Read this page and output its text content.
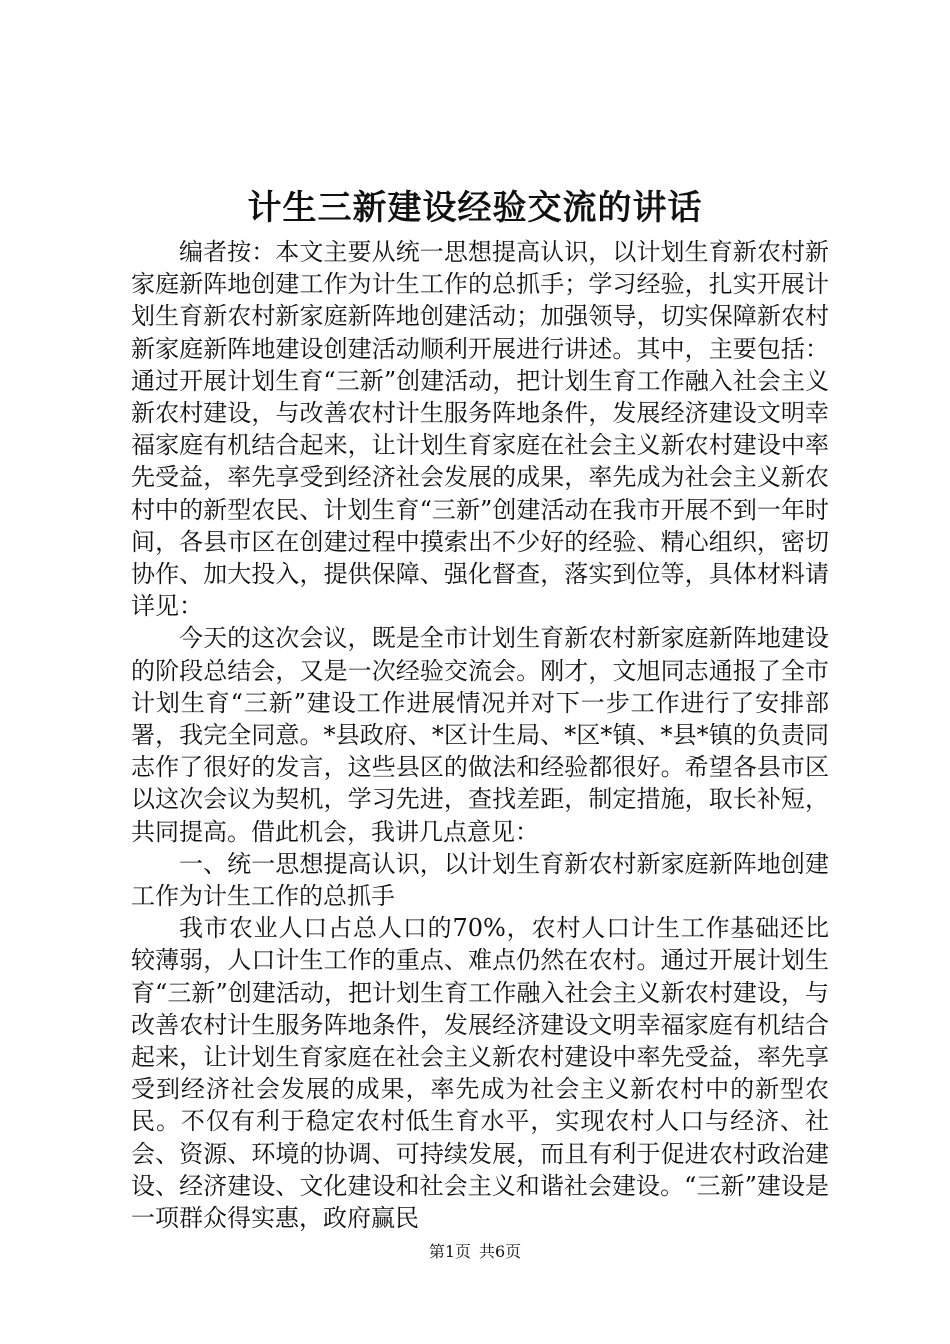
计生三新建设经验交流的讲话

编者按：本文主要从统一思想提高认识，以计划生育新农村新家庭新阵地创建工作为计生工作的总抓手；学习经验，扎实开展计划生育新农村新家庭新阵地创建活动；加强领导，切实保障新农村新家庭新阵地建设创建活动顺利开展进行讲述。其中，主要包括：通过开展计划生育“三新”创建活动，把计划生育工作融入社会主义新农村建设，与改善农村计生服务阵地条件，发展经济建设文明幸福家庭有机结合起来，让计划生育家庭在社会主义新农村建设中率先受益，率先享受到经济社会发展的成果，率先成为社会主义新农村中的新型农民、计划生育“三新”创建活动在我市开展不到一年时间，各县市区在创建过程中摸索出不少好的经验、精心组织，密切协作、加大投入，提供保障、强化督查，落实到位等，具体材料请详见：

今天的这次会议，既是全市计划生育新农村新家庭新阵地建设的阶段总结会，又是一次经验交流会。刚才，文旭同志通报了全市计划生育“三新”建设工作进展情况并对下一步工作进行了安排部署，我完全同意。*县政府、*区计生局、*区*镇、*县*镇的负责同志作了很好的发言，这些县区的做法和经验都很好。希望各县市区以这次会议为契机，学习先进，查找差距，制定措施，取长补短，共同提高。借此机会，我讲几点意见：

一、统一思想提高认识，以计划生育新农村新家庭新阵地创建工作为计生工作的总抓手

我市农业人口占总人口的70%，农村人口计生工作基础还比较薄弱，人口计生工作的重点、难点仍然在农村。通过开展计划生育“三新”创建活动，把计划生育工作融入社会主义新农村建设，与改善农村计生服务阵地条件，发展经济建设文明幸福家庭有机结合起来，让计划生育家庭在社会主义新农村建设中率先受益，率先享受到经济社会发展的成果，率先成为社会主义新农村中的新型农民。不仅有利于稳定农村低生育水平，实现农村人口与经济、社会、资源、环境的协调、可持续发展，而且有利于促进农村政治建设、经济建设、文化建设和社会主义和谐社会建设。“三新”建设是一项群众得实惠，政府赢民

第1页 共6页
